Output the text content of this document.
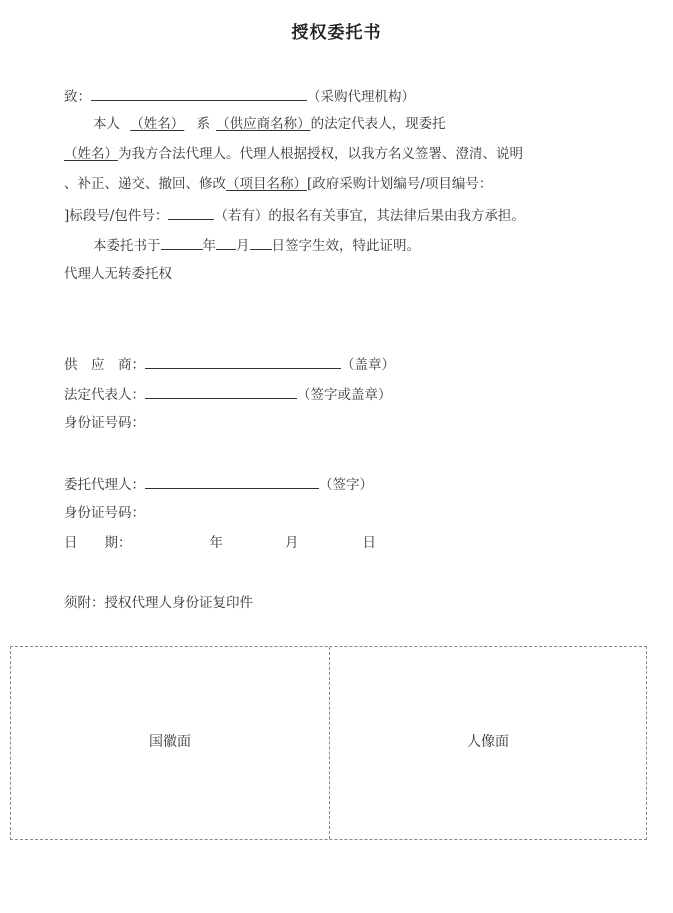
授权委托书
致：	（采购代理机构）
本人 （姓名） 系 （供应商名称）的法定代表人，现委托
（姓名）为我方合法代理人。代理人根据授权，以我方名义签署、澄清、说明
、补正、递交、撤回、修改（项目名称）[政府采购计划编号/项目编号：
]标段号/包件号：	（若有）的报名有关事宜，其法律后果由我方承担。
本委托书于	年 月 日签字生效，特此证明。
代理人无转委托权
供　应　商：	（盖章）
法定代表人：	（签字或盖章）
身份证号码：
委托代理人：	（签字）
身份证号码：
日　　期：	年	月	日
须附：授权代理人身份证复印件
国徽面	人像面
